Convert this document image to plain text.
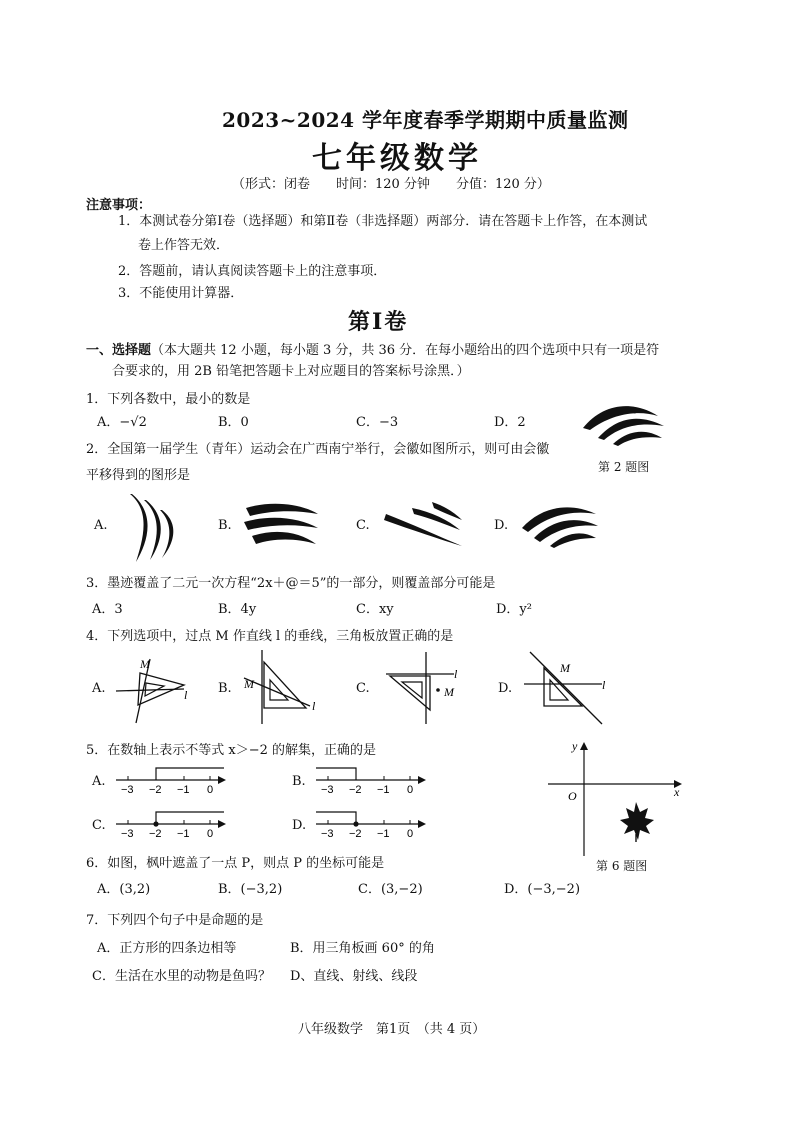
2023~2024 学年度春季学期期中质量监测
七年级数学
（形式：闭卷　　时间：120 分钟　　分值：120 分）
注意事项：
1．本测试卷分第Ⅰ卷（选择题）和第Ⅱ卷（非选择题）两部分．请在答题卡上作答，在本测试
卷上作答无效．
2．答题前，请认真阅读答题卡上的注意事项．
3．不能使用计算器．
第Ⅰ卷
一、选择题（本大题共 12 小题，每小题 3 分，共 36 分．在每小题给出的四个选项中只有一项是符
合要求的，用 2B 铅笔把答题卡上对应题目的答案标号涂黑．）
1．下列各数中，最小的数是
A．−√2	B．0	C．−3	D．2
第 2 题图
2．全国第一届学生（青年）运动会在广西南宁举行，会徽如图所示，则可由会徽
平移得到的图形是
A.	B.	C.	D.
3．墨迹覆盖了二元一次方程“2x＋@＝5”的一部分，则覆盖部分可能是
A．3	B．4y	C．xy	D．y²
4．下列选项中，过点 M 作直线 l 的垂线，三角板放置正确的是
A.
M
l B. M
l
C.
l
M	D.
M
l
5．在数轴上表示不等式 x＞−2 的解集，正确的是
A.
−3 −2 −1 0
B.
−3 −2 −1 0
C.
−3 −2 −1 0
D.
−3 −2 −1 0
O	x
y
第 6 题图
6．如图，枫叶遮盖了一点 P，则点 P 的坐标可能是
A．(3,2)	B．(−3,2)	C．(3,−2)	D．(−3,−2)
7．下列四个句子中是命题的是
A．正方形的四条边相等	B．用三角板画 60° 的角
C．生活在水里的动物是鱼吗？ D、直线、射线、线段
八年级数学　第1页　（共 4 页）
